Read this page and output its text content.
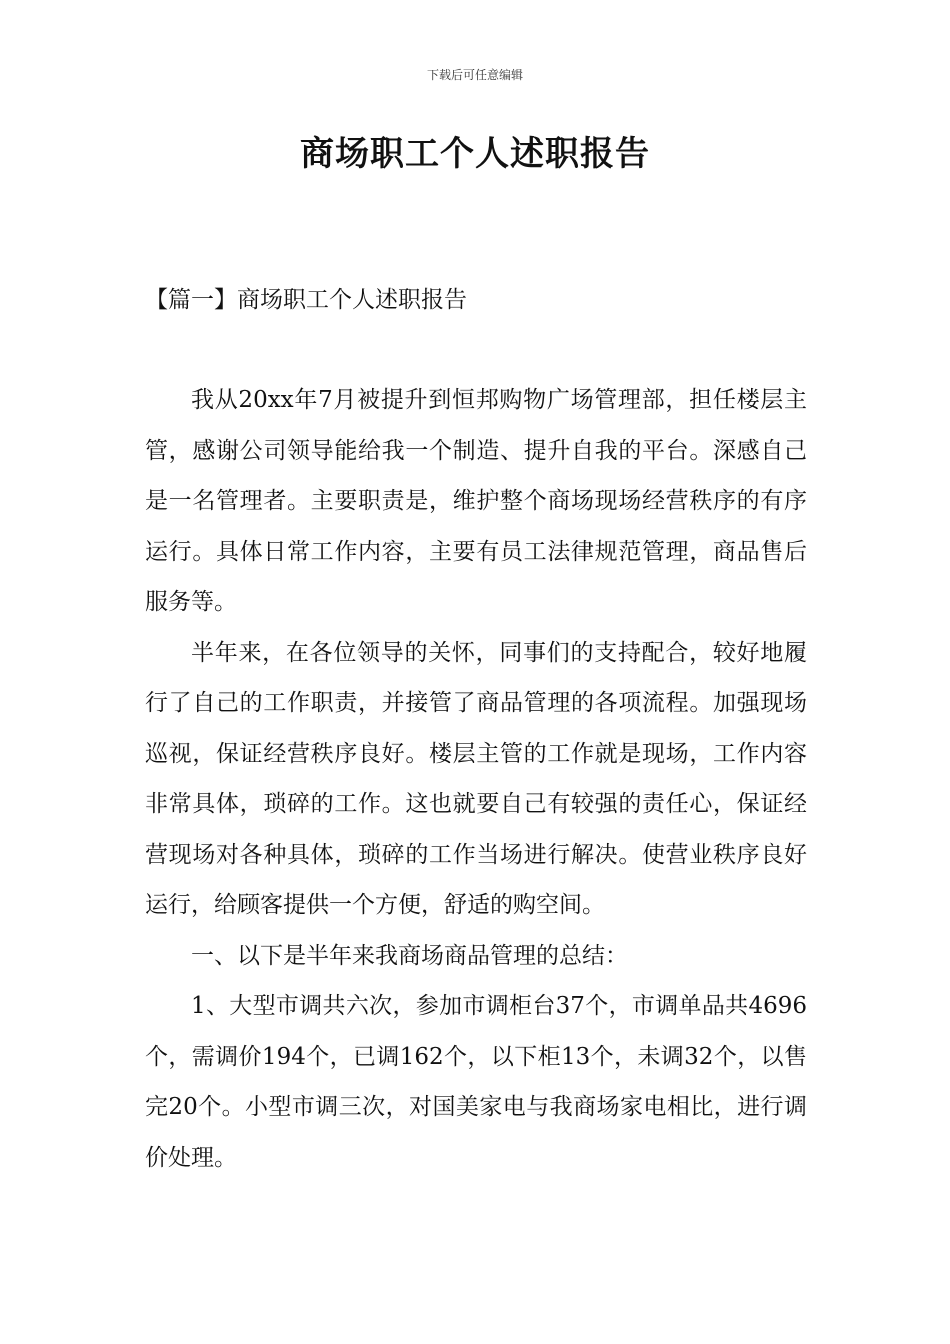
下载后可任意编辑
商场职工个人述职报告
【篇一】商场职工个人述职报告

我从20xx年7月被提升到恒邦购物广场管理部，担任楼层主管，感谢公司领导能给我一个制造、提升自我的平台。深感自己是一名管理者。主要职责是，维护整个商场现场经营秩序的有序运行。具体日常工作内容，主要有员工法律规范管理，商品售后服务等。

半年来，在各位领导的关怀，同事们的支持配合，较好地履行了自己的工作职责，并接管了商品管理的各项流程。加强现场巡视，保证经营秩序良好。楼层主管的工作就是现场，工作内容非常具体，琐碎的工作。这也就要自己有较强的责任心，保证经营现场对各种具体，琐碎的工作当场进行解决。使营业秩序良好运行，给顾客提供一个方便，舒适的购空间。

一、以下是半年来我商场商品管理的总结：

1、大型市调共六次，参加市调柜台37个，市调单品共4696个，需调价194个，已调162个，以下柜13个，未调32个，以售完20个。小型市调三次，对国美家电与我商场家电相比，进行调价处理。
